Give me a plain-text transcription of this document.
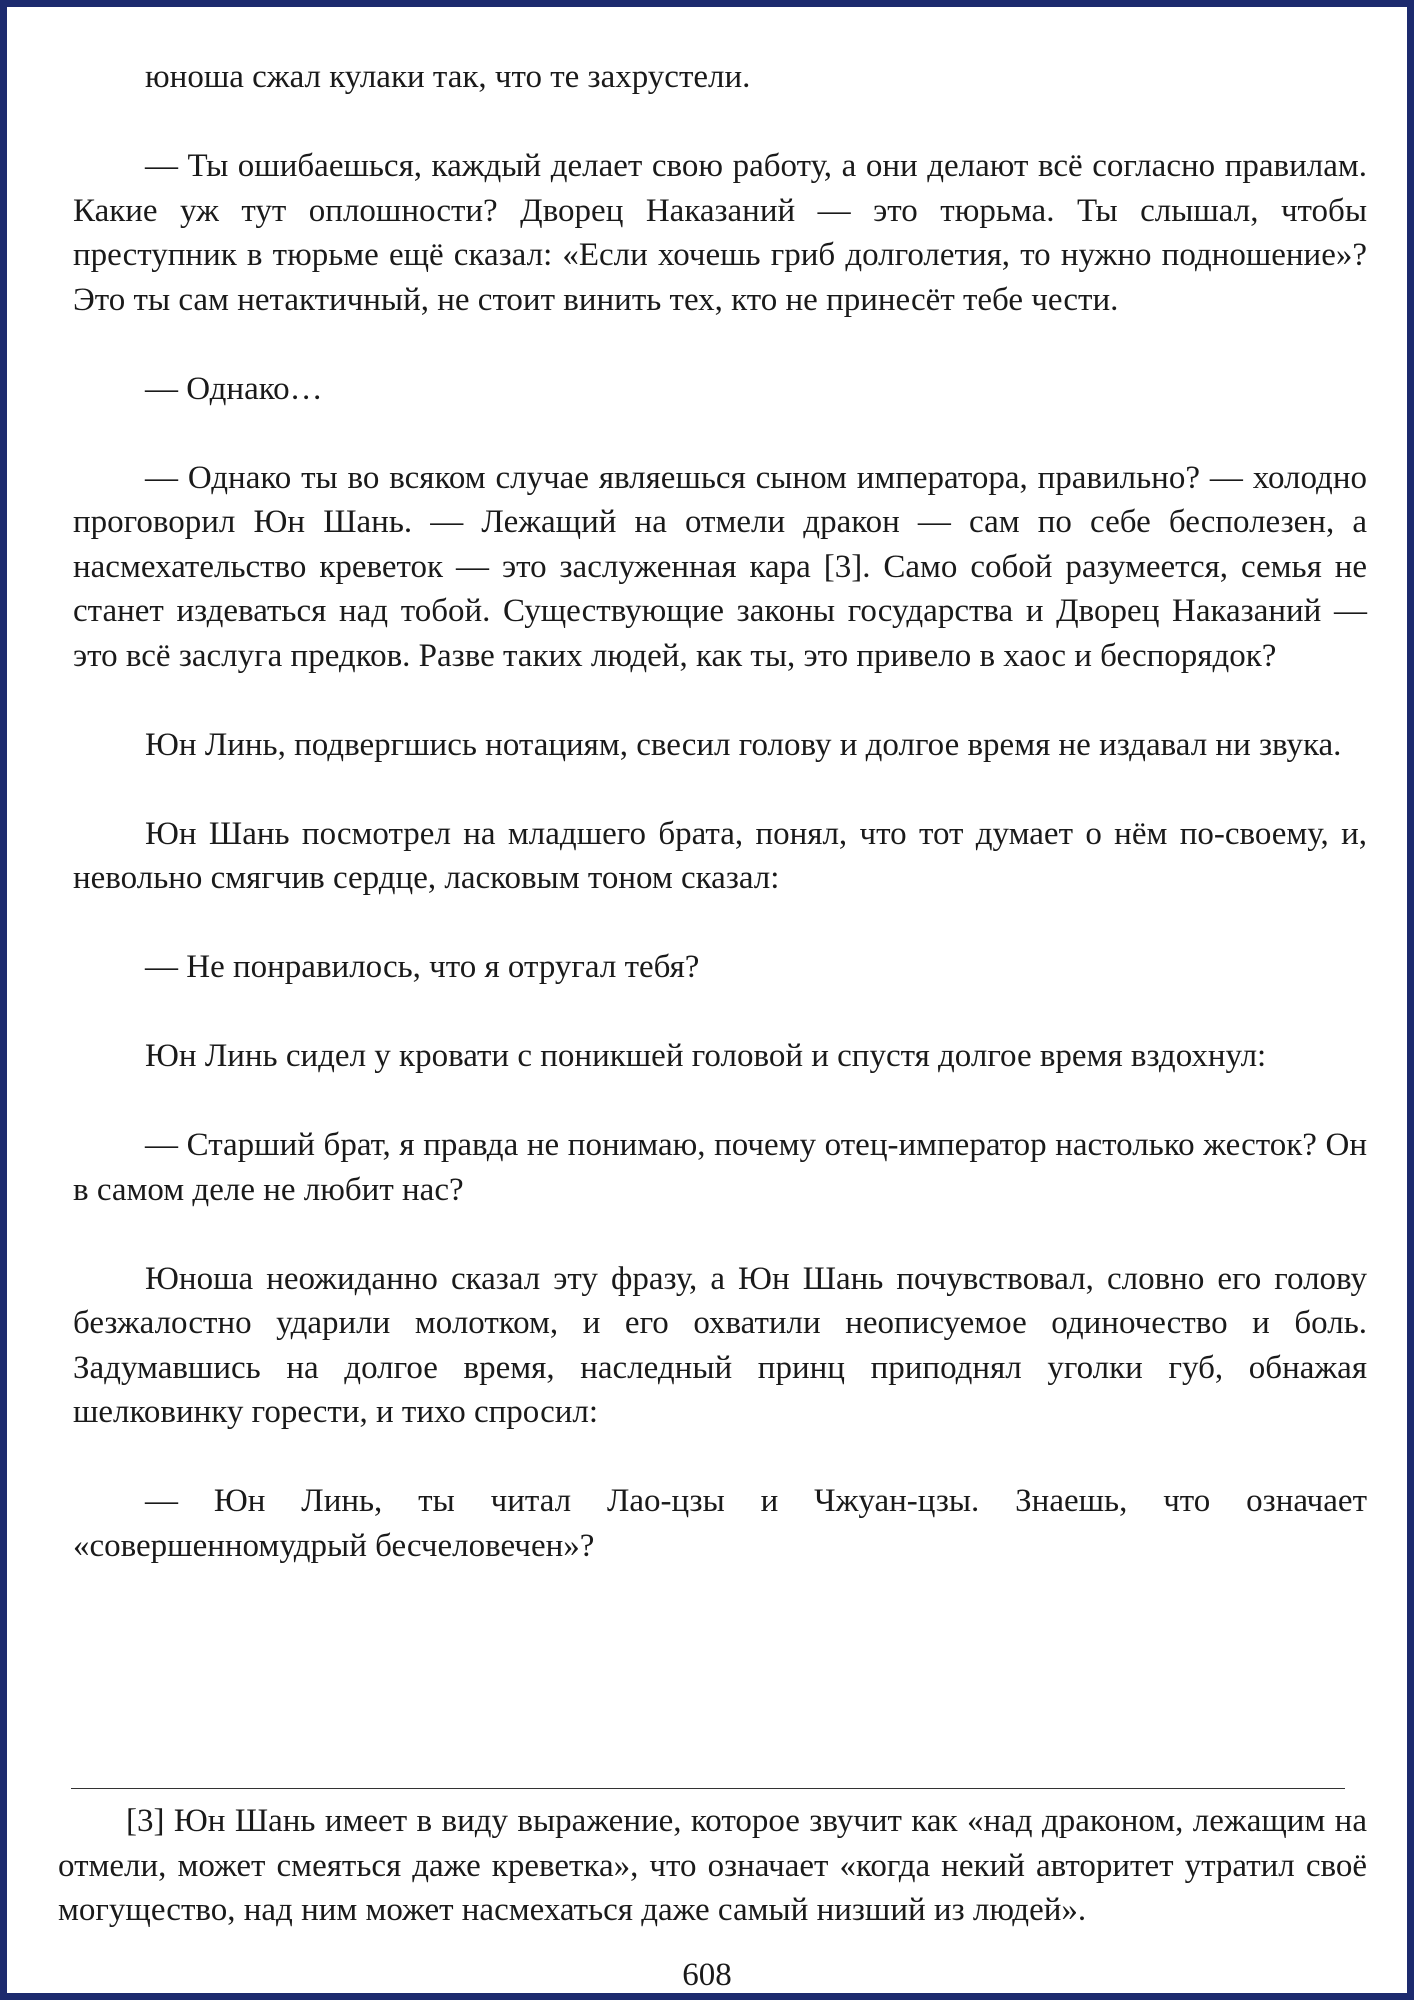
юноша сжал кулаки так, что те захрустели.

— Ты ошибаешься, каждый делает свою работу, а они делают всё согласно правилам. Какие уж тут оплошности? Дворец Наказаний — это тюрьма. Ты слышал, чтобы преступник в тюрьме ещё сказал: «Если хочешь гриб долголетия, то нужно подношение»? Это ты сам нетактичный, не стоит винить тех, кто не принесёт тебе чести.

— Однако…

— Однако ты во всяком случае являешься сыном императора, правильно? — холодно проговорил Юн Шань. — Лежащий на отмели дракон — сам по себе бесполезен, а насмехательство креветок — это заслуженная кара [3]. Само собой разумеется, семья не станет издеваться над тобой. Существующие законы государства и Дворец Наказаний — это всё заслуга предков. Разве таких людей, как ты, это привело в хаос и беспорядок?

Юн Линь, подвергшись нотациям, свесил голову и долгое время не издавал ни звука.

Юн Шань посмотрел на младшего брата, понял, что тот думает о нём по-своему, и, невольно смягчив сердце, ласковым тоном сказал:

— Не понравилось, что я отругал тебя?

Юн Линь сидел у кровати с поникшей головой и спустя долгое время вздохнул:

— Старший брат, я правда не понимаю, почему отец-император настолько жесток? Он в самом деле не любит нас?

Юноша неожиданно сказал эту фразу, а Юн Шань почувствовал, словно его голову безжалостно ударили молотком, и его охватили неописуемое одиночество и боль. Задумавшись на долгое время, наследный принц приподнял уголки губ, обнажая шелковинку горести, и тихо спросил:

— Юн Линь, ты читал Лао-цзы и Чжуан-цзы. Знаешь, что означает «совершенномудрый бесчеловечен»?

[3] Юн Шань имеет в виду выражение, которое звучит как «над драконом, лежащим на отмели, может смеяться даже креветка», что означает «когда некий авторитет утратил своё могущество, над ним может насмехаться даже самый низший из людей».

608
